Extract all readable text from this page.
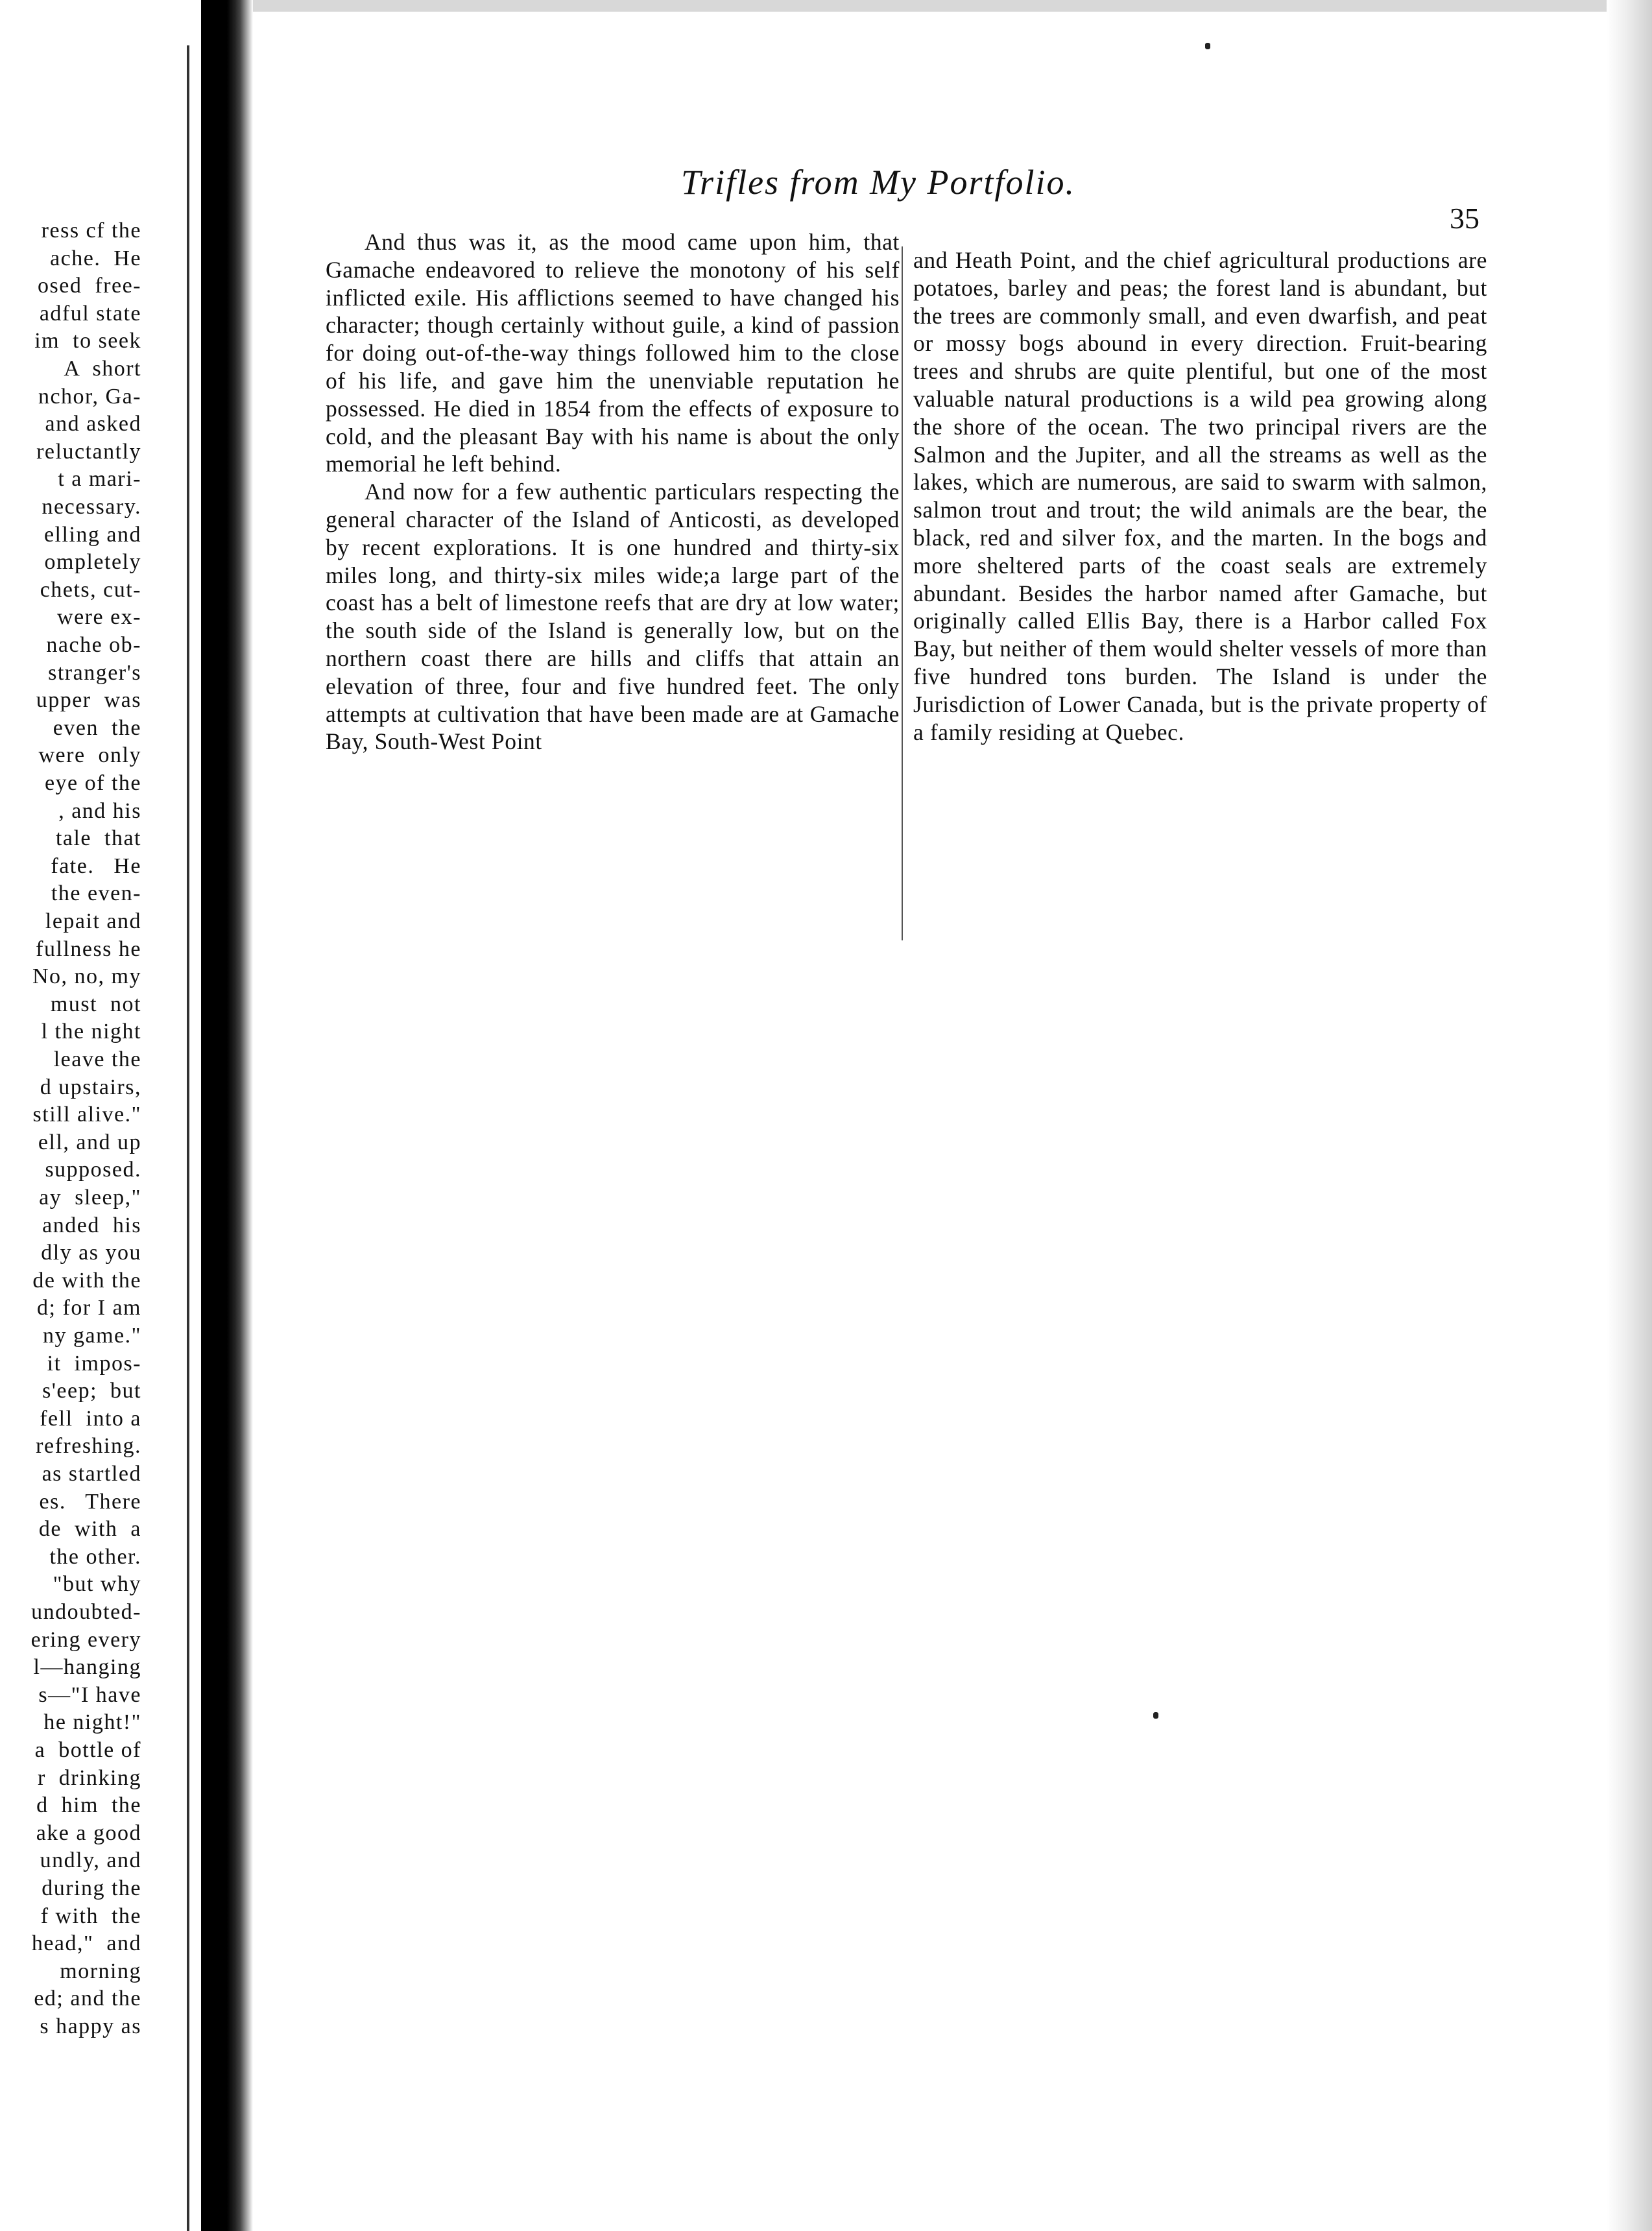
ress cf the
ache.  He
osed  free-
adful state
im  to seek
A  short
nchor, Ga-
and asked
reluctantly
t a mari-
necessary.
elling and
ompletely
chets, cut-
were ex-
nache ob-
stranger's
upper  was
even  the
were  only
eye of the
, and his
tale  that
fate.   He
the even-
lepait and
fullness he
No, no, my
must  not
l the night
leave the
d upstairs,
still alive."
ell, and up
supposed.
ay  sleep,"
anded  his
dly as you
de with the
d; for I am
ny game."
it  impos-
s'eep;  but
fell  into a
refreshing.
as startled
es.   There
de  with  a
the other.
"but why
undoubted-
ering every
l—hanging
s—"I have
he night!"
a  bottle of
r  drinking
d  him  the
ake a good
undly, and
during the
f with  the
head,"  and
morning
ed; and the
s happy as
Trifles from My Portfolio.
35

And thus was it, as the mood came upon him, that Gamache endeavored to relieve the monotony of his self inflicted exile. His afflictions seemed to have changed his character; though certainly without guile, a kind of passion for doing out-of-the-way things followed him to the close of his life, and gave him the unenviable reputation he possessed. He died in 1854 from the effects of exposure to cold, and the pleasant Bay with his name is about the only memorial he left behind.

And now for a few authentic particulars respecting the general character of the Island of Anticosti, as developed by recent explorations. It is one hundred and thirty-six miles long, and thirty-six miles wide;a large part of the coast has a belt of limestone reefs that are dry at low water; the south side of the Island is generally low, but on the northern coast there are hills and cliffs that attain an elevation of three, four and five hundred feet. The only attempts at cultivation that have been made are at Gamache Bay, South-West Point

and Heath Point, and the chief agricultural productions are potatoes, barley and peas; the forest land is abundant, but the trees are commonly small, and even dwarfish, and peat or mossy bogs abound in every direction. Fruit-bearing trees and shrubs are quite plentiful, but one of the most valuable natural productions is a wild pea growing along the shore of the ocean. The two principal rivers are the Salmon and the Jupiter, and all the streams as well as the lakes, which are numerous, are said to swarm with salmon, salmon trout and trout; the wild animals are the bear, the black, red and silver fox, and the marten. In the bogs and more sheltered parts of the coast seals are extremely abundant. Besides the harbor named after Gamache, but originally called Ellis Bay, there is a Harbor called Fox Bay, but neither of them would shelter vessels of more than five hundred tons burden. The Island is under the Jurisdiction of Lower Canada, but is the private property of a family residing at Quebec.
